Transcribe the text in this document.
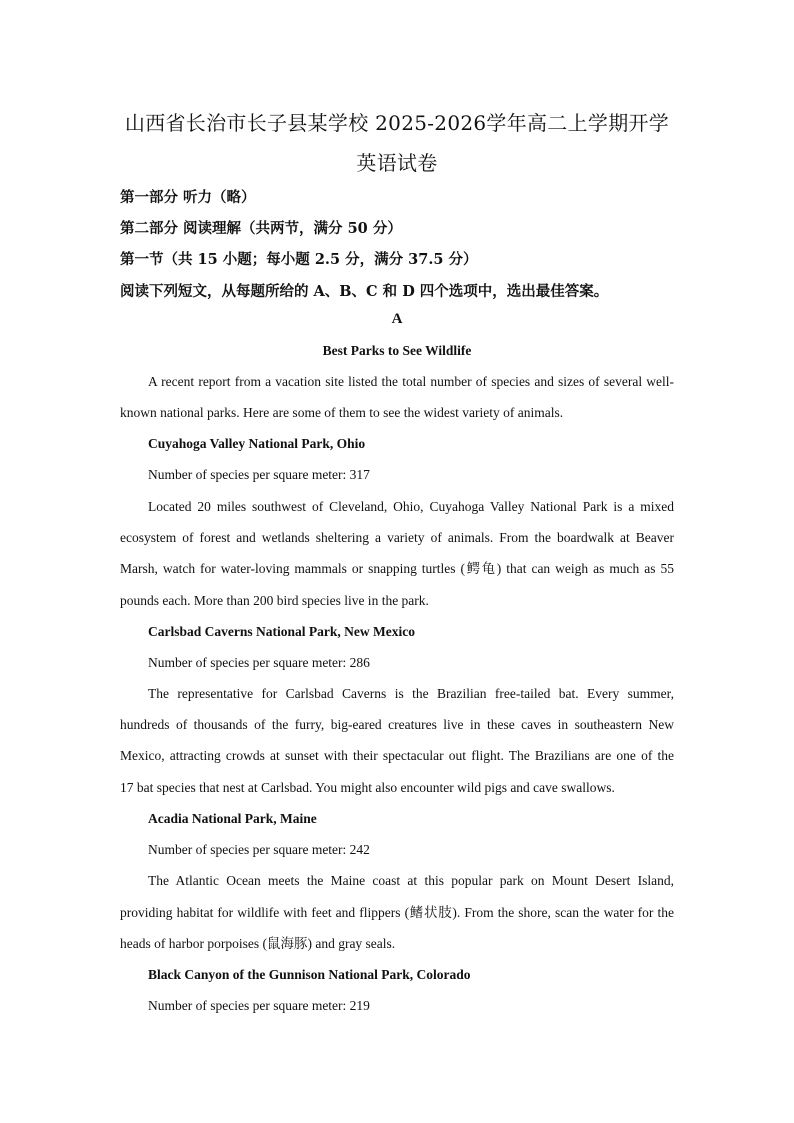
山西省长治市长子县某学校 2025-2026学年高二上学期开学
英语试卷
第一部分 听力（略）
第二部分 阅读理解（共两节，满分 50 分）
第一节（共 15 小题；每小题 2.5 分，满分 37.5 分）
阅读下列短文，从每题所给的 A、B、C 和 D 四个选项中，选出最佳答案。
A
Best Parks to See Wildlife
A recent report from a vacation site listed the total number of species and sizes of several well-
known national parks. Here are some of them to see the widest variety of animals.
Cuyahoga Valley National Park, Ohio
Number of species per square meter: 317
Located 20 miles southwest of Cleveland, Ohio, Cuyahoga Valley National Park is a mixed
ecosystem of forest and wetlands sheltering a variety of animals. From the boardwalk at Beaver
Marsh, watch for water-loving mammals or snapping turtles (鳄龟) that can weigh as much as 55
pounds each. More than 200 bird species live in the park.
Carlsbad Caverns National Park, New Mexico
Number of species per square meter: 286
The representative for Carlsbad Caverns is the Brazilian free-tailed bat. Every summer,
hundreds of thousands of the furry, big-eared creatures live in these caves in southeastern New
Mexico, attracting crowds at sunset with their spectacular out flight. The Brazilians are one of the
17 bat species that nest at Carlsbad. You might also encounter wild pigs and cave swallows.
Acadia National Park, Maine
Number of species per square meter: 242
The Atlantic Ocean meets the Maine coast at this popular park on Mount Desert Island,
providing habitat for wildlife with feet and flippers (鳍状肢). From the shore, scan the water for the
heads of harbor porpoises (鼠海豚) and gray seals.
Black Canyon of the Gunnison National Park, Colorado
Number of species per square meter: 219
